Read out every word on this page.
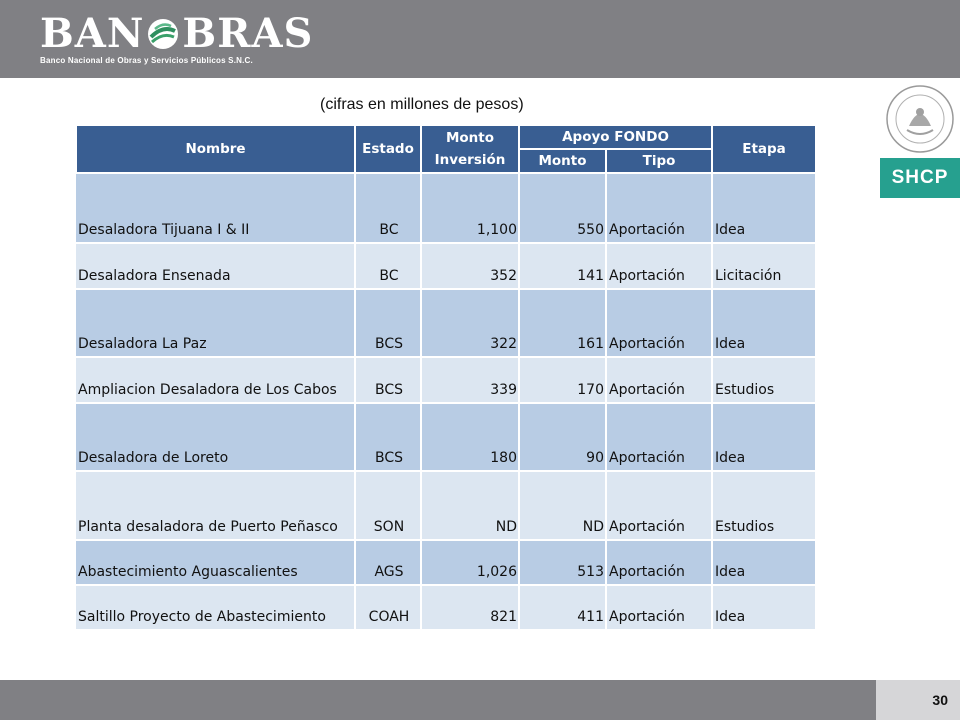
BAN BRAS
Banco Nacional de Obras y Servicios Públicos S.N.C.
SHCP
(cifras en millones de pesos)
Nombre	Estado	Monto Inversión	Apoyo FONDO		Etapa
			Monto	Tipo	
Desaladora Tijuana I & II	BC	1,100	550	Aportación	Idea
Desaladora Ensenada	BC	352	141	Aportación	Licitación
Desaladora La Paz	BCS	322	161	Aportación	Idea
Ampliacion Desaladora de Los Cabos	BCS	339	170	Aportación	Estudios
Desaladora de Loreto	BCS	180	90	Aportación	Idea
Planta desaladora de Puerto Peñasco	SON	ND	ND	Aportación	Estudios
Abastecimiento Aguascalientes	AGS	1,026	513	Aportación	Idea
Saltillo Proyecto de Abastecimiento	COAH	821	411	Aportación	Idea
30
